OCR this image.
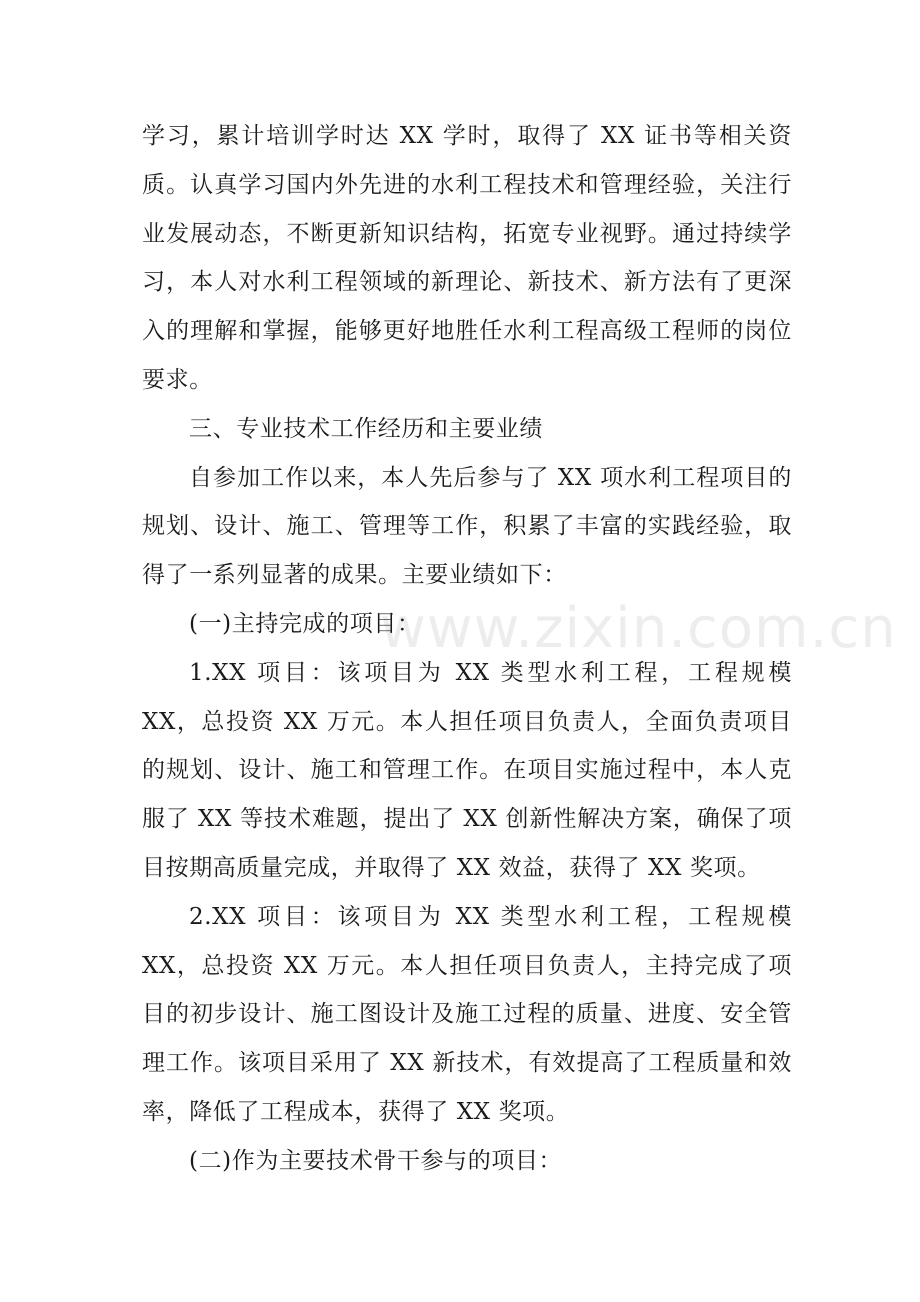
学习，累计培训学时达 XX 学时，取得了 XX 证书等相关资质。认真学习国内外先进的水利工程技术和管理经验，关注行业发展动态，不断更新知识结构，拓宽专业视野。通过持续学习，本人对水利工程领域的新理论、新技术、新方法有了更深入的理解和掌握，能够更好地胜任水利工程高级工程师的岗位要求。

三、专业技术工作经历和主要业绩

自参加工作以来，本人先后参与了 XX 项水利工程项目的规划、设计、施工、管理等工作，积累了丰富的实践经验，取得了一系列显著的成果。主要业绩如下：

(一)主持完成的项目：

1.XX 项目：该项目为 XX 类型水利工程，工程规模 XX，总投资 XX 万元。本人担任项目负责人，全面负责项目的规划、设计、施工和管理工作。在项目实施过程中，本人克服了 XX 等技术难题，提出了 XX 创新性解决方案，确保了项目按期高质量完成，并取得了 XX 效益，获得了 XX 奖项。

2.XX 项目：该项目为 XX 类型水利工程，工程规模 XX，总投资 XX 万元。本人担任项目负责人，主持完成了项目的初步设计、施工图设计及施工过程的质量、进度、安全管理工作。该项目采用了 XX 新技术，有效提高了工程质量和效率，降低了工程成本，获得了 XX 奖项。

(二)作为主要技术骨干参与的项目：

www.zixin.com.cn
